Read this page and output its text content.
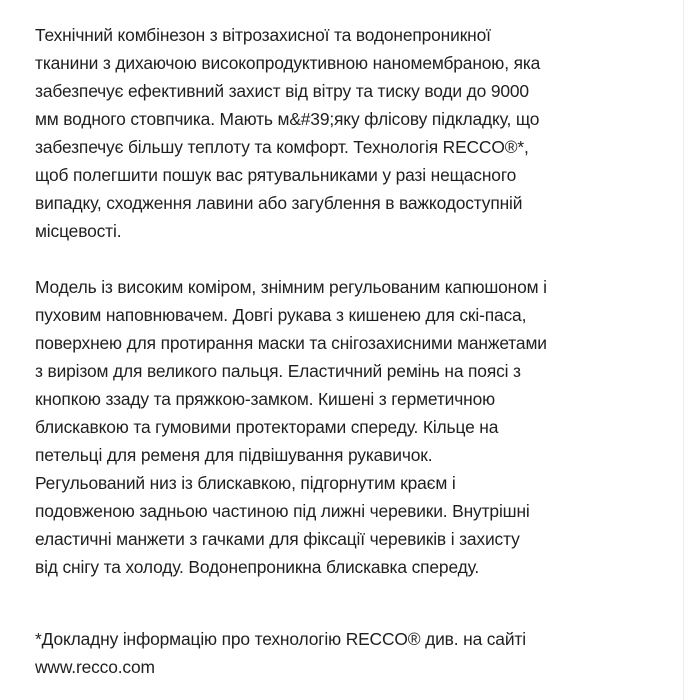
Технічний комбінезон з вітрозахисної та водонепроникної
тканини з дихаючою високопродуктивною наномембраною, яка
забезпечує ефективний захист від вітру та тиску води до 9000
мм водного стовпчика. Мають м&#39;яку флісову підкладку, що
забезпечує більшу теплоту та комфорт. Технологія RECCO®*,
щоб полегшити пошук вас рятувальниками у разі нещасного
випадку, сходження лавини або загублення в важкодоступній
місцевості.
Модель із високим коміром, знімним регульованим капюшоном і
пуховим наповнювачем. Довгі рукава з кишенею для скі-паса,
поверхнею для протирання маски та снігозахисними манжетами
з вирізом для великого пальця. Еластичний ремінь на поясі з
кнопкою ззаду та пряжкою-замком. Кишені з герметичною
блискавкою та гумовими протекторами спереду. Кільце на
петельці для ременя для підвішування рукавичок.
Регульований низ із блискавкою, підгорнутим краєм і
подовженою задньою частиною під лижні черевики. Внутрішні
еластичні манжети з гачками для фіксації черевиків і захисту
від снігу та холоду. Водонепроникна блискавка спереду.
*Докладну інформацію про технологію RECCO® див. на сайті
www.recco.com
